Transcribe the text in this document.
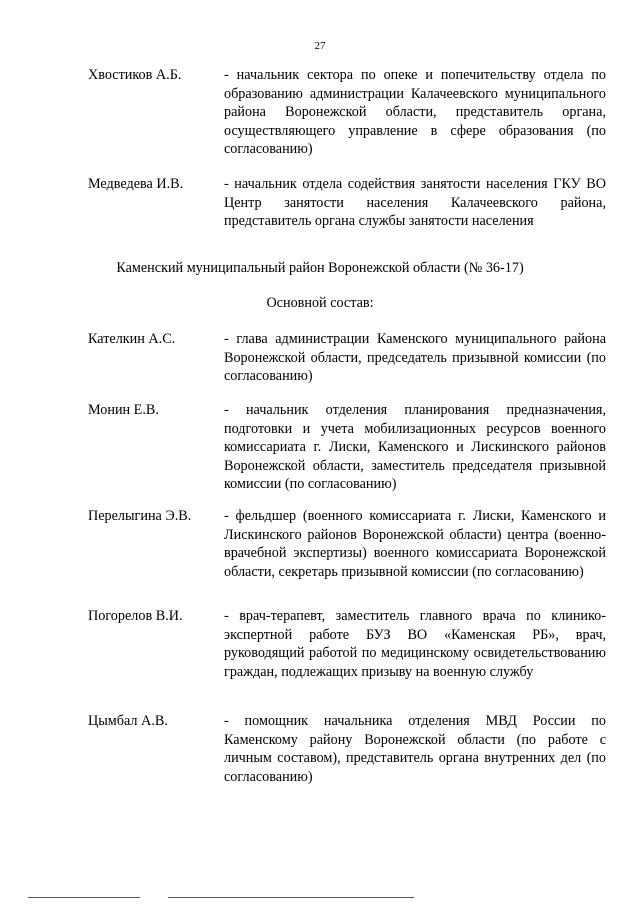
27
Хвостиков А.Б.	- начальник сектора по опеке и попечительству отдела по образованию администрации Калачеевского муниципального района Воронежской области, представитель органа, осуществляющего управление в сфере образования (по согласованию)
Медведева И.В.	- начальник отдела содействия занятости населения ГКУ ВО Центр занятости населения Калачеевского района, представитель органа службы занятости населения
Каменский муниципальный район Воронежской области (№ 36-17)
Основной состав:
Кателкин А.С.	- глава администрации Каменского муниципального района Воронежской области, председатель призывной комиссии (по согласованию)
Монин Е.В.	- начальник отделения планирования предназначения, подготовки и учета мобилизационных ресурсов военного комиссариата г. Лиски, Каменского и Лискинского районов Воронежской области, заместитель председателя призывной комиссии (по согласованию)
Перелыгина Э.В. - фельдшер (военного комиссариата г. Лиски, Каменского и Лискинского районов Воронежской области) центра (военно-врачебной экспертизы) военного комиссариата Воронежской области, секретарь призывной комиссии (по согласованию)
Погорелов В.И.	- врач-терапевт, заместитель главного врача по клинико-экспертной работе БУЗ ВО «Каменская РБ», врач, руководящий работой по медицинскому освидетельствованию граждан, подлежащих призыву на военную службу
Цымбал А.В.	- помощник начальника отделения МВД России по Каменскому району Воронежской области (по работе с личным составом), представитель органа внутренних дел (по согласованию)
